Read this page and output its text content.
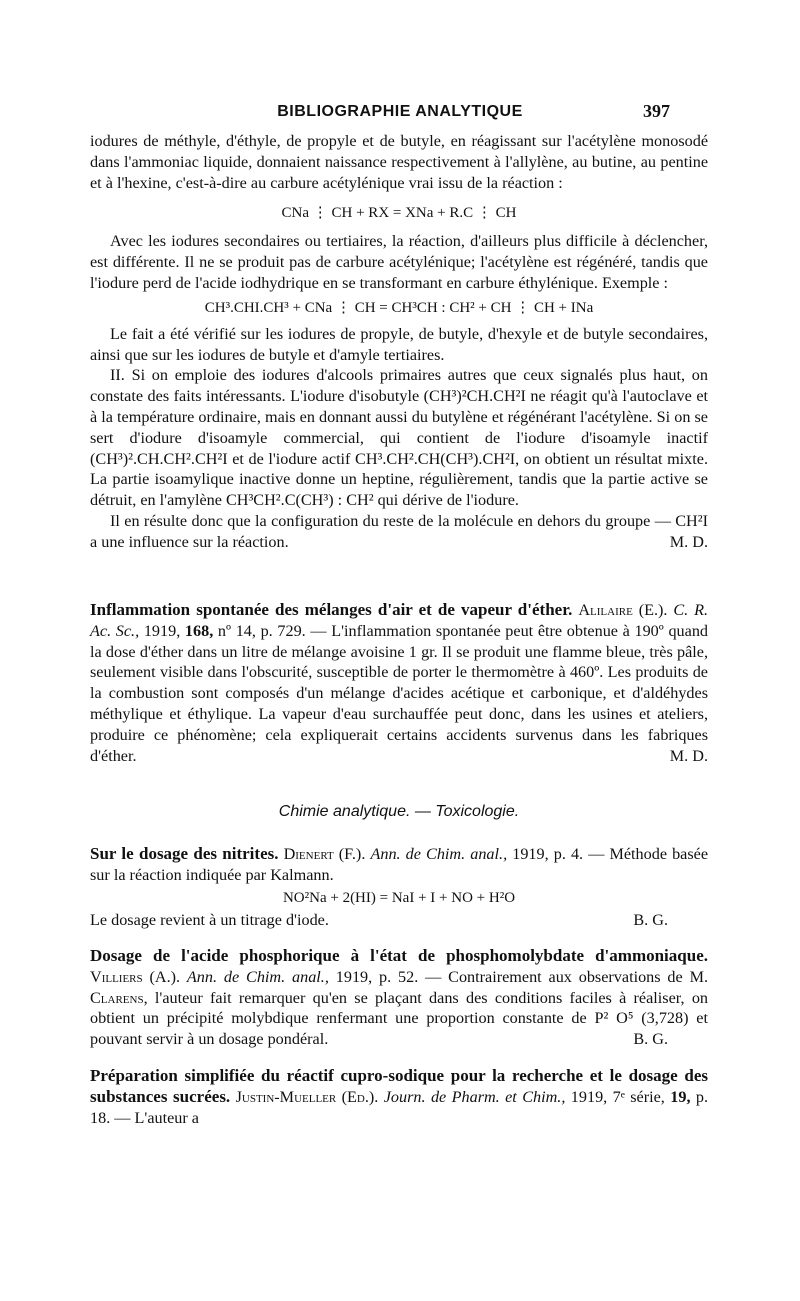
BIBLIOGRAPHIE ANALYTIQUE	397

iodures de méthyle, d'éthyle, de propyle et de butyle, en réagissant sur l'acétylène monosodé dans l'ammoniac liquide, donnaient naissance respectivement à l'allylène, au butine, au pentine et à l'hexine, c'est-à-dire au carbure acétylénique vrai issu de la réaction :

CNa ⋮ CH + RX = XNa + R.C ⋮ CH

Avec les iodures secondaires ou tertiaires, la réaction, d'ailleurs plus difficile à déclencher, est différente. Il ne se produit pas de carbure acétylénique; l'acétylène est régénéré, tandis que l'iodure perd de l'acide iodhydrique en se transformant en carbure éthylénique. Exemple :

CH³.CHI.CH³ + CNa ⋮ CH = CH³CH : CH² + CH ⋮ CH + INa

Le fait a été vérifié sur les iodures de propyle, de butyle, d'hexyle et de butyle secondaires, ainsi que sur les iodures de butyle et d'amyle tertiaires.

II. Si on emploie des iodures d'alcools primaires autres que ceux signalés plus haut, on constate des faits intéressants. L'iodure d'isobutyle (CH³)²CH.CH²I ne réagit qu'à l'autoclave et à la température ordinaire, mais en donnant aussi du butylène et régénérant l'acétylène. Si on se sert d'iodure d'isoamyle commercial, qui contient de l'iodure d'isoamyle inactif (CH³)².CH.CH².CH²I et de l'iodure actif CH³.CH².CH(CH³).CH²I, on obtient un résultat mixte. La partie isoamylique inactive donne un heptine, régulièrement, tandis que la partie active se détruit, en l'amylène CH³CH².C(CH³) : CH² qui dérive de l'iodure.

Il en résulte donc que la configuration du reste de la molécule en dehors du groupe — CH²I a une influence sur la réaction.	M. D.

Inflammation spontanée des mélanges d'air et de vapeur d'éther. Alilaire (E.). C. R. Ac. Sc., 1919, 168, nº 14, p. 729. — L'inflammation spontanée peut être obtenue à 190º quand la dose d'éther dans un litre de mélange avoisine 1 gr. Il se produit une flamme bleue, très pâle, seulement visible dans l'obscurité, susceptible de porter le thermomètre à 460º. Les produits de la combustion sont composés d'un mélange d'acides acétique et carbonique, et d'aldéhydes méthylique et éthylique. La vapeur d'eau surchauffée peut donc, dans les usines et ateliers, produire ce phénomène; cela expliquerait certains accidents survenus dans les fabriques d'éther.	M. D.

Chimie analytique. — Toxicologie.

Sur le dosage des nitrites. Dienert (F.). Ann. de Chim. anal., 1919, p. 4. — Méthode basée sur la réaction indiquée par Kalmann.

NO²Na + 2(HI) = NaI + I + NO + H²O

Le dosage revient à un titrage d'iode.	B. G.

Dosage de l'acide phosphorique à l'état de phosphomolybdate d'ammoniaque. Villiers (A.). Ann. de Chim. anal., 1919, p. 52. — Contrairement aux observations de M. Clarens, l'auteur fait remarquer qu'en se plaçant dans des conditions faciles à réaliser, on obtient un précipité molybdique renfermant une proportion constante de P² O⁵ (3,728) et pouvant servir à un dosage pondéral.	B. G.

Préparation simplifiée du réactif cupro-sodique pour la recherche et le dosage des substances sucrées. Justin-Mueller (Ed.). Journ. de Pharm. et Chim., 1919, 7ᵉ série, 19, p. 18. — L'auteur a
